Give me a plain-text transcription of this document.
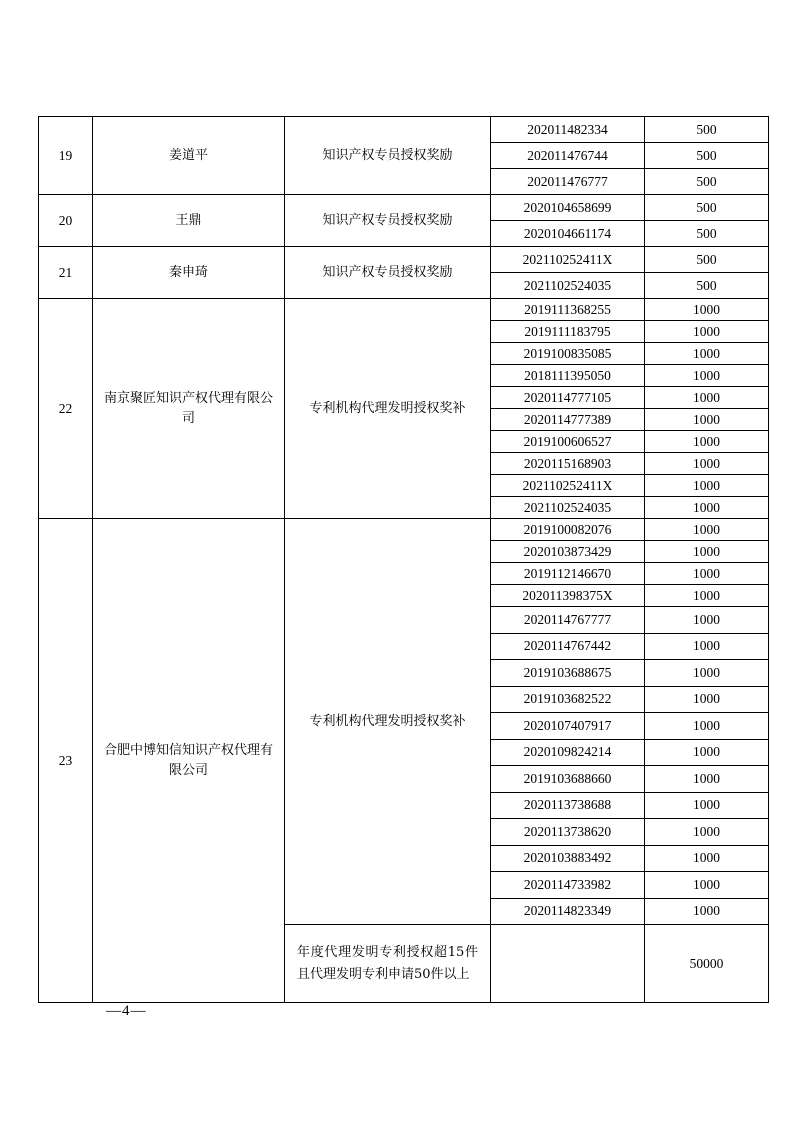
19	姜道平	知识产权专员授权奖励	202011482334	500
			202011476744	500
			202011476777	500
20	王鼎	知识产权专员授权奖励	2020104658699	500
			2020104661174	500
21	秦申琦	知识产权专员授权奖励	202110252411X	500
			2021102524035	500
22	南京聚匠知识产权代理有限公司	专利机构代理发明授权奖补	2019111368255	1000
			2019111183795	1000
			2019100835085	1000
			2018111395050	1000
			2020114777105	1000
			2020114777389	1000
			2019100606527	1000
			2020115168903	1000
			202110252411X	1000
			2021102524035	1000
23	合肥中博知信知识产权代理有限公司	专利机构代理发明授权奖补	2019100082076	1000
			2020103873429	1000
			2019112146670	1000
			202011398375X	1000
			2020114767777	1000
			2020114767442	1000
			2019103688675	1000
			2019103682522	1000
			2020107407917	1000
			2020109824214	1000
			2019103688660	1000
			2020113738688	1000
			2020113738620	1000
			2020103883492	1000
			2020114733982	1000
			2020114823349	1000
		年度代理发明专利授权超15件且代理发明专利申请50件以上		50000
—4—
